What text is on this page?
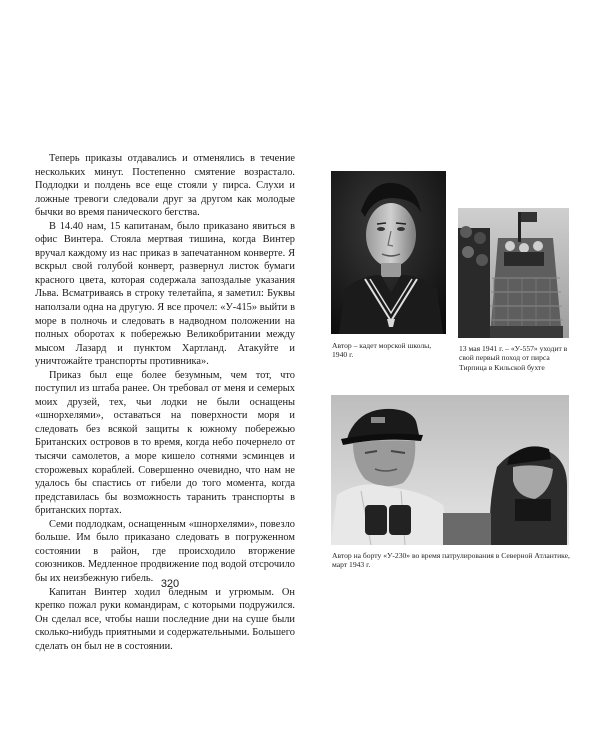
Теперь приказы отдавались и отменялись в течение нескольких минут. Постепенно смятение возрастало. Подлодки и полдень все еще стояли у пирса. Слухи и ложные тревоги следовали друг за другом как молодые бычки во время панического бегства.

В 14.40 нам, 15 капитанам, было приказано явиться в офис Винтера. Стояла мертвая тишина, когда Винтер вручал каждому из нас приказ в запечатанном конверте. Я вскрыл свой голубой конверт, развернул листок бумаги красного цвета, которая содержала запоздалые указания Льва. Всматриваясь в строку телетайпа, я заметил: Буквы наползали одна на другую. Я все прочел: «У-415» выйти в море в полночь и следовать в надводном положении на полных оборотах к побережью Великобритании между мысом Лазард и пунктом Хартланд. Атакуйте и уничтожайте транспорты противника».

Приказ был еще более безумным, чем тот, что поступил из штаба ранее. Он требовал от меня и семерых моих друзей, тех, чьи лодки не были оснащены «шнорхелями», оставаться на поверхности моря и следовать без всякой защиты к южному побережью Британских островов в то время, когда небо почернело от тысячи самолетов, а море кишело сотнями эсминцев и сторожевых кораблей. Совершенно очевидно, что нам не удалось бы спастись от гибели до того момента, когда представилась бы возможность таранить транспорты в британских портах.

Семи подлодкам, оснащенным «шнорхелями», повезло больше. Им было приказано следовать в погруженном состоянии в район, где происходило вторжение союзников. Медленное продвижение под водой отсрочило бы их неизбежную гибель.

Капитан Винтер ходил бледным и угрюмым. Он крепко пожал руки командирам, с которыми подружился. Он сделал все, чтобы наши последние дни на суше были сколько-нибудь приятными и содержательными. Большего сделать он был не в состоянии.

320
Автор – кадет морской школы, 1940 г.
13 мая 1941 г. – «У-557» уходит в свой первый поход от пирса Тирпица в Кильской бухте
Автор на борту «У-230» во время патрулирования в Северной Атлантике, март 1943 г.
